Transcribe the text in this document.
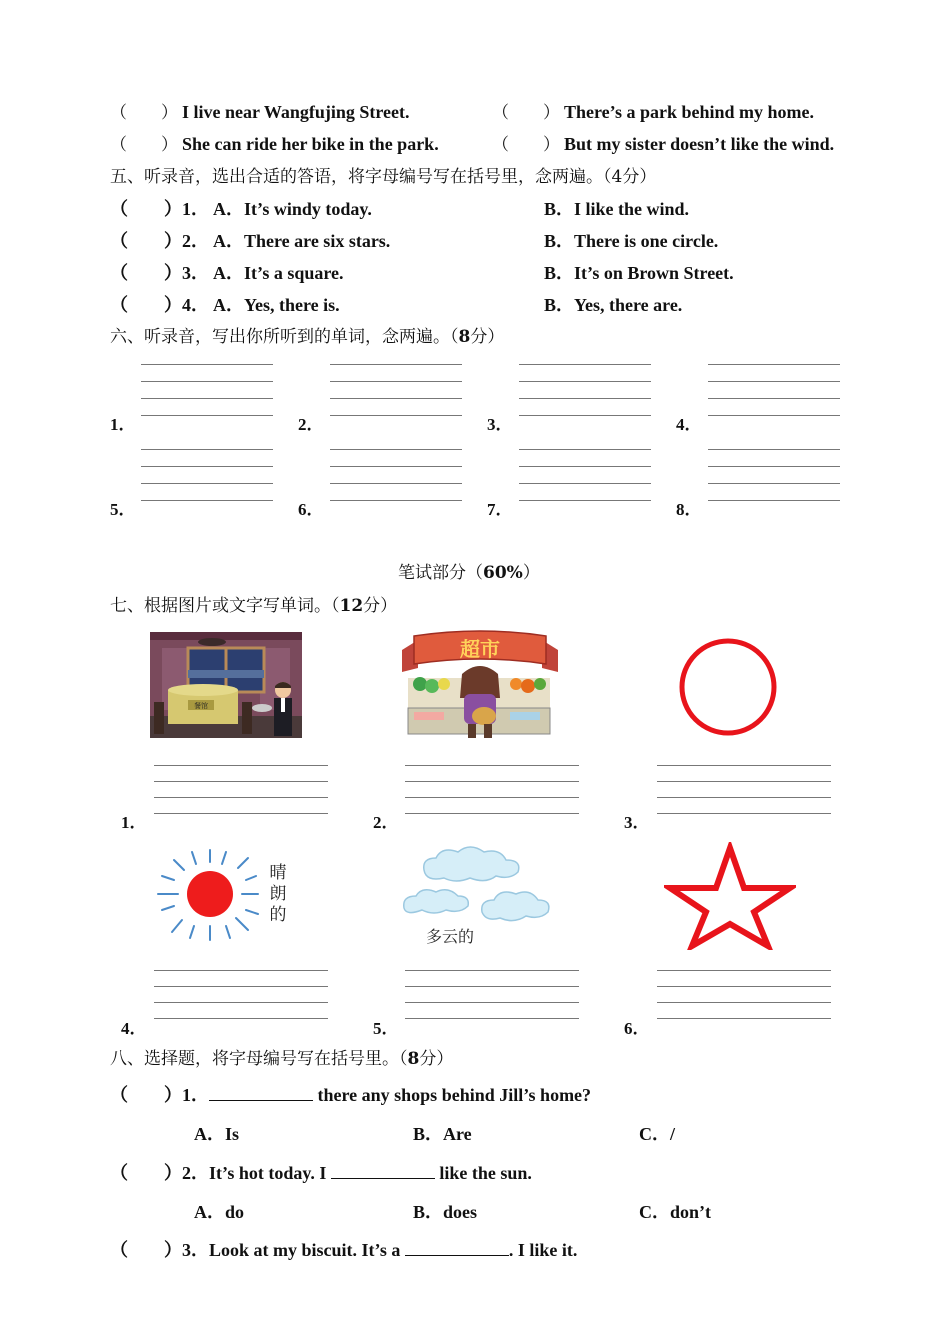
（　　） I live near Wangfujing Street.	（　　） There’s a park behind my home.
（　　） She can ride her bike in the park.	（　　） But my sister doesn’t like the wind.
五、听录音，选出合适的答语，将字母编号写在括号里，念两遍。（4分）
（　　）1． A．It’s windy today.	B．I like the wind.
（　　）2． A．There are six stars.	B．There is one circle.
（　　）3． A．It’s a square.	B．It’s on Brown Street.
（　　）4． A．Yes, there is.	B．Yes, there are.
六、听录音，写出你所听到的单词，念两遍。（8分）
1．	2．	3．	4．
5．	6．	7．	8．
笔试部分（60%）
七、根据图片或文字写单词。（12分）
餐馆
超市
1．	2．	3．
晴
朗
的
多云的
4．	5．	6．
八、选择题，将字母编号写在括号里。（8分）
（　　）1．	there any shops behind Jill’s home?
A．Is	B．Are	C．/
（　　）2．It’s hot today. I	like the sun.
A．do	B．does	C．don’t
（　　）3．Look at my biscuit. It’s a	. I like it.
